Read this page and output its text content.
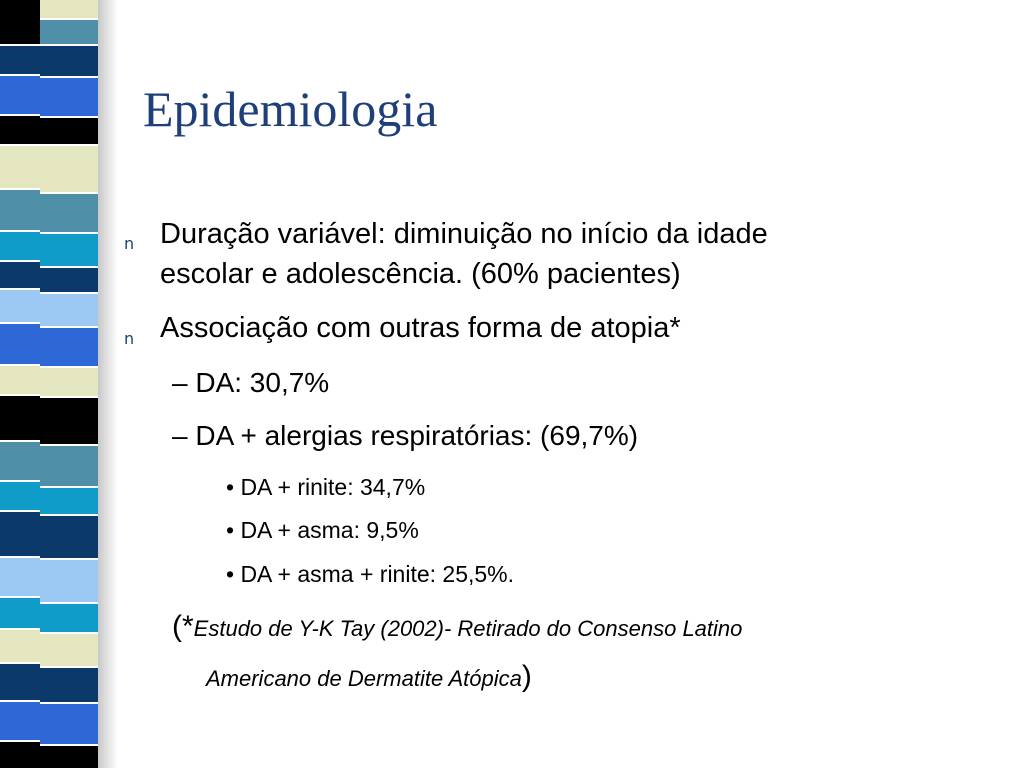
Epidemiologia
n Duração variável: diminuição no início da idade
escolar e adolescência. (60% pacientes)
n Associação com outras forma de atopia*
– DA: 30,7%
– DA + alergias respiratórias: (69,7%)
• DA + rinite: 34,7%
• DA + asma: 9,5%
• DA + asma + rinite: 25,5%.
(*Estudo de Y-K Tay (2002)- Retirado do Consenso Latino
Americano de Dermatite Atópica)
